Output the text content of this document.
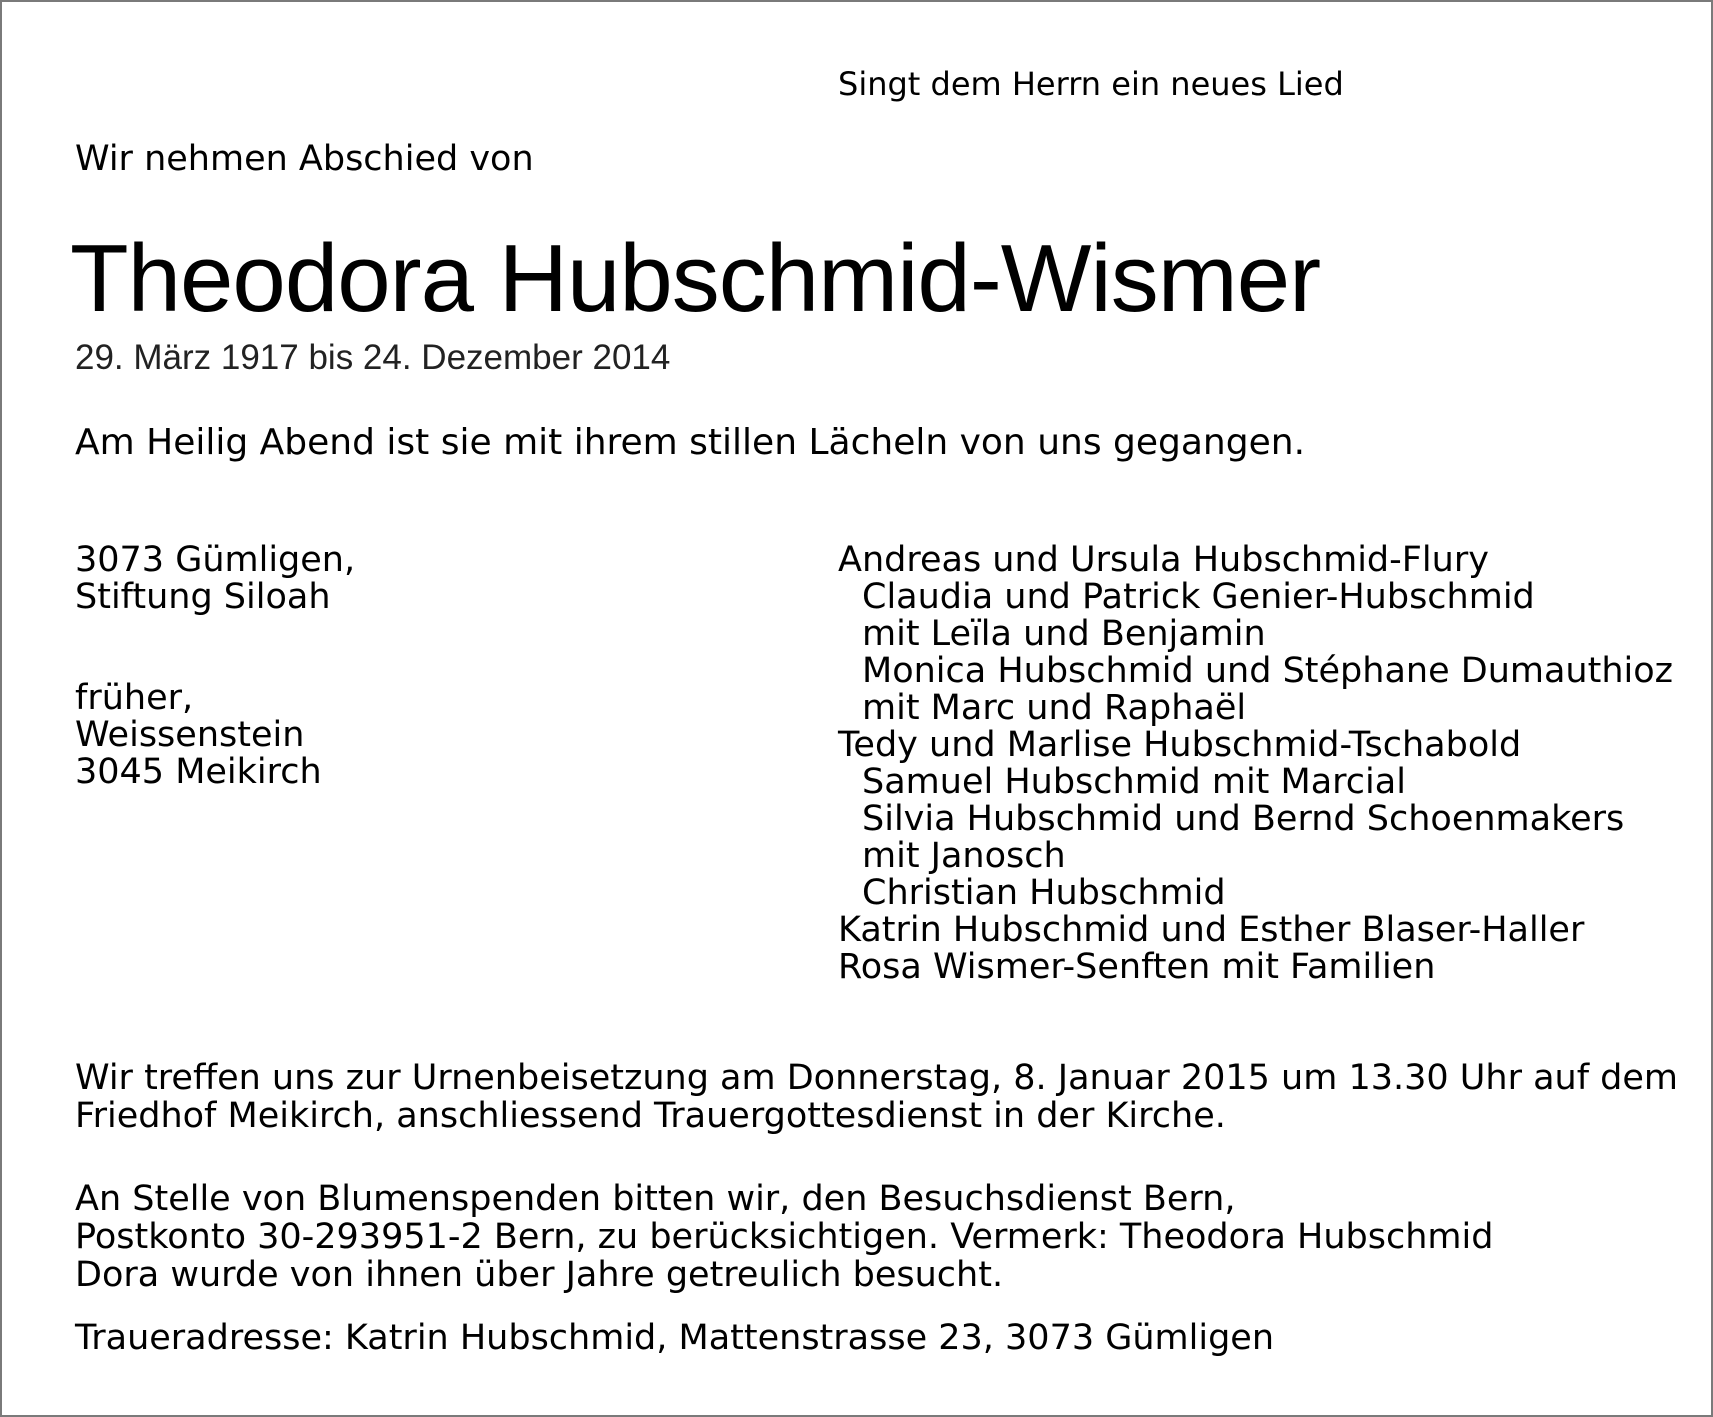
Singt dem Herrn ein neues Lied
Wir nehmen Abschied von
Theodora Hubschmid-Wismer
29. März 1917 bis 24. Dezember 2014
Am Heilig Abend ist sie mit ihrem stillen Lächeln von uns gegangen.
3073 Gümligen,
Stiftung Siloah
früher,
Weissenstein
3045 Meikirch
Andreas und Ursula Hubschmid-Flury
Claudia und Patrick Genier-Hubschmid
mit Leïla und Benjamin
Monica Hubschmid und Stéphane Dumauthioz
mit Marc und Raphaël
Tedy und Marlise Hubschmid-Tschabold
Samuel Hubschmid mit Marcial
Silvia Hubschmid und Bernd Schoenmakers
mit Janosch
Christian Hubschmid
Katrin Hubschmid und Esther Blaser-Haller
Rosa Wismer-Senften mit Familien
Wir treffen uns zur Urnenbeisetzung am Donnerstag, 8. Januar 2015 um 13.30 Uhr auf dem
Friedhof Meikirch, anschliessend Trauergottesdienst in der Kirche.
An Stelle von Blumenspenden bitten wir, den Besuchsdienst Bern,
Postkonto 30-293951-2 Bern, zu berücksichtigen. Vermerk: Theodora Hubschmid
Dora wurde von ihnen über Jahre getreulich besucht.
Traueradresse: Katrin Hubschmid, Mattenstrasse 23, 3073 Gümligen
